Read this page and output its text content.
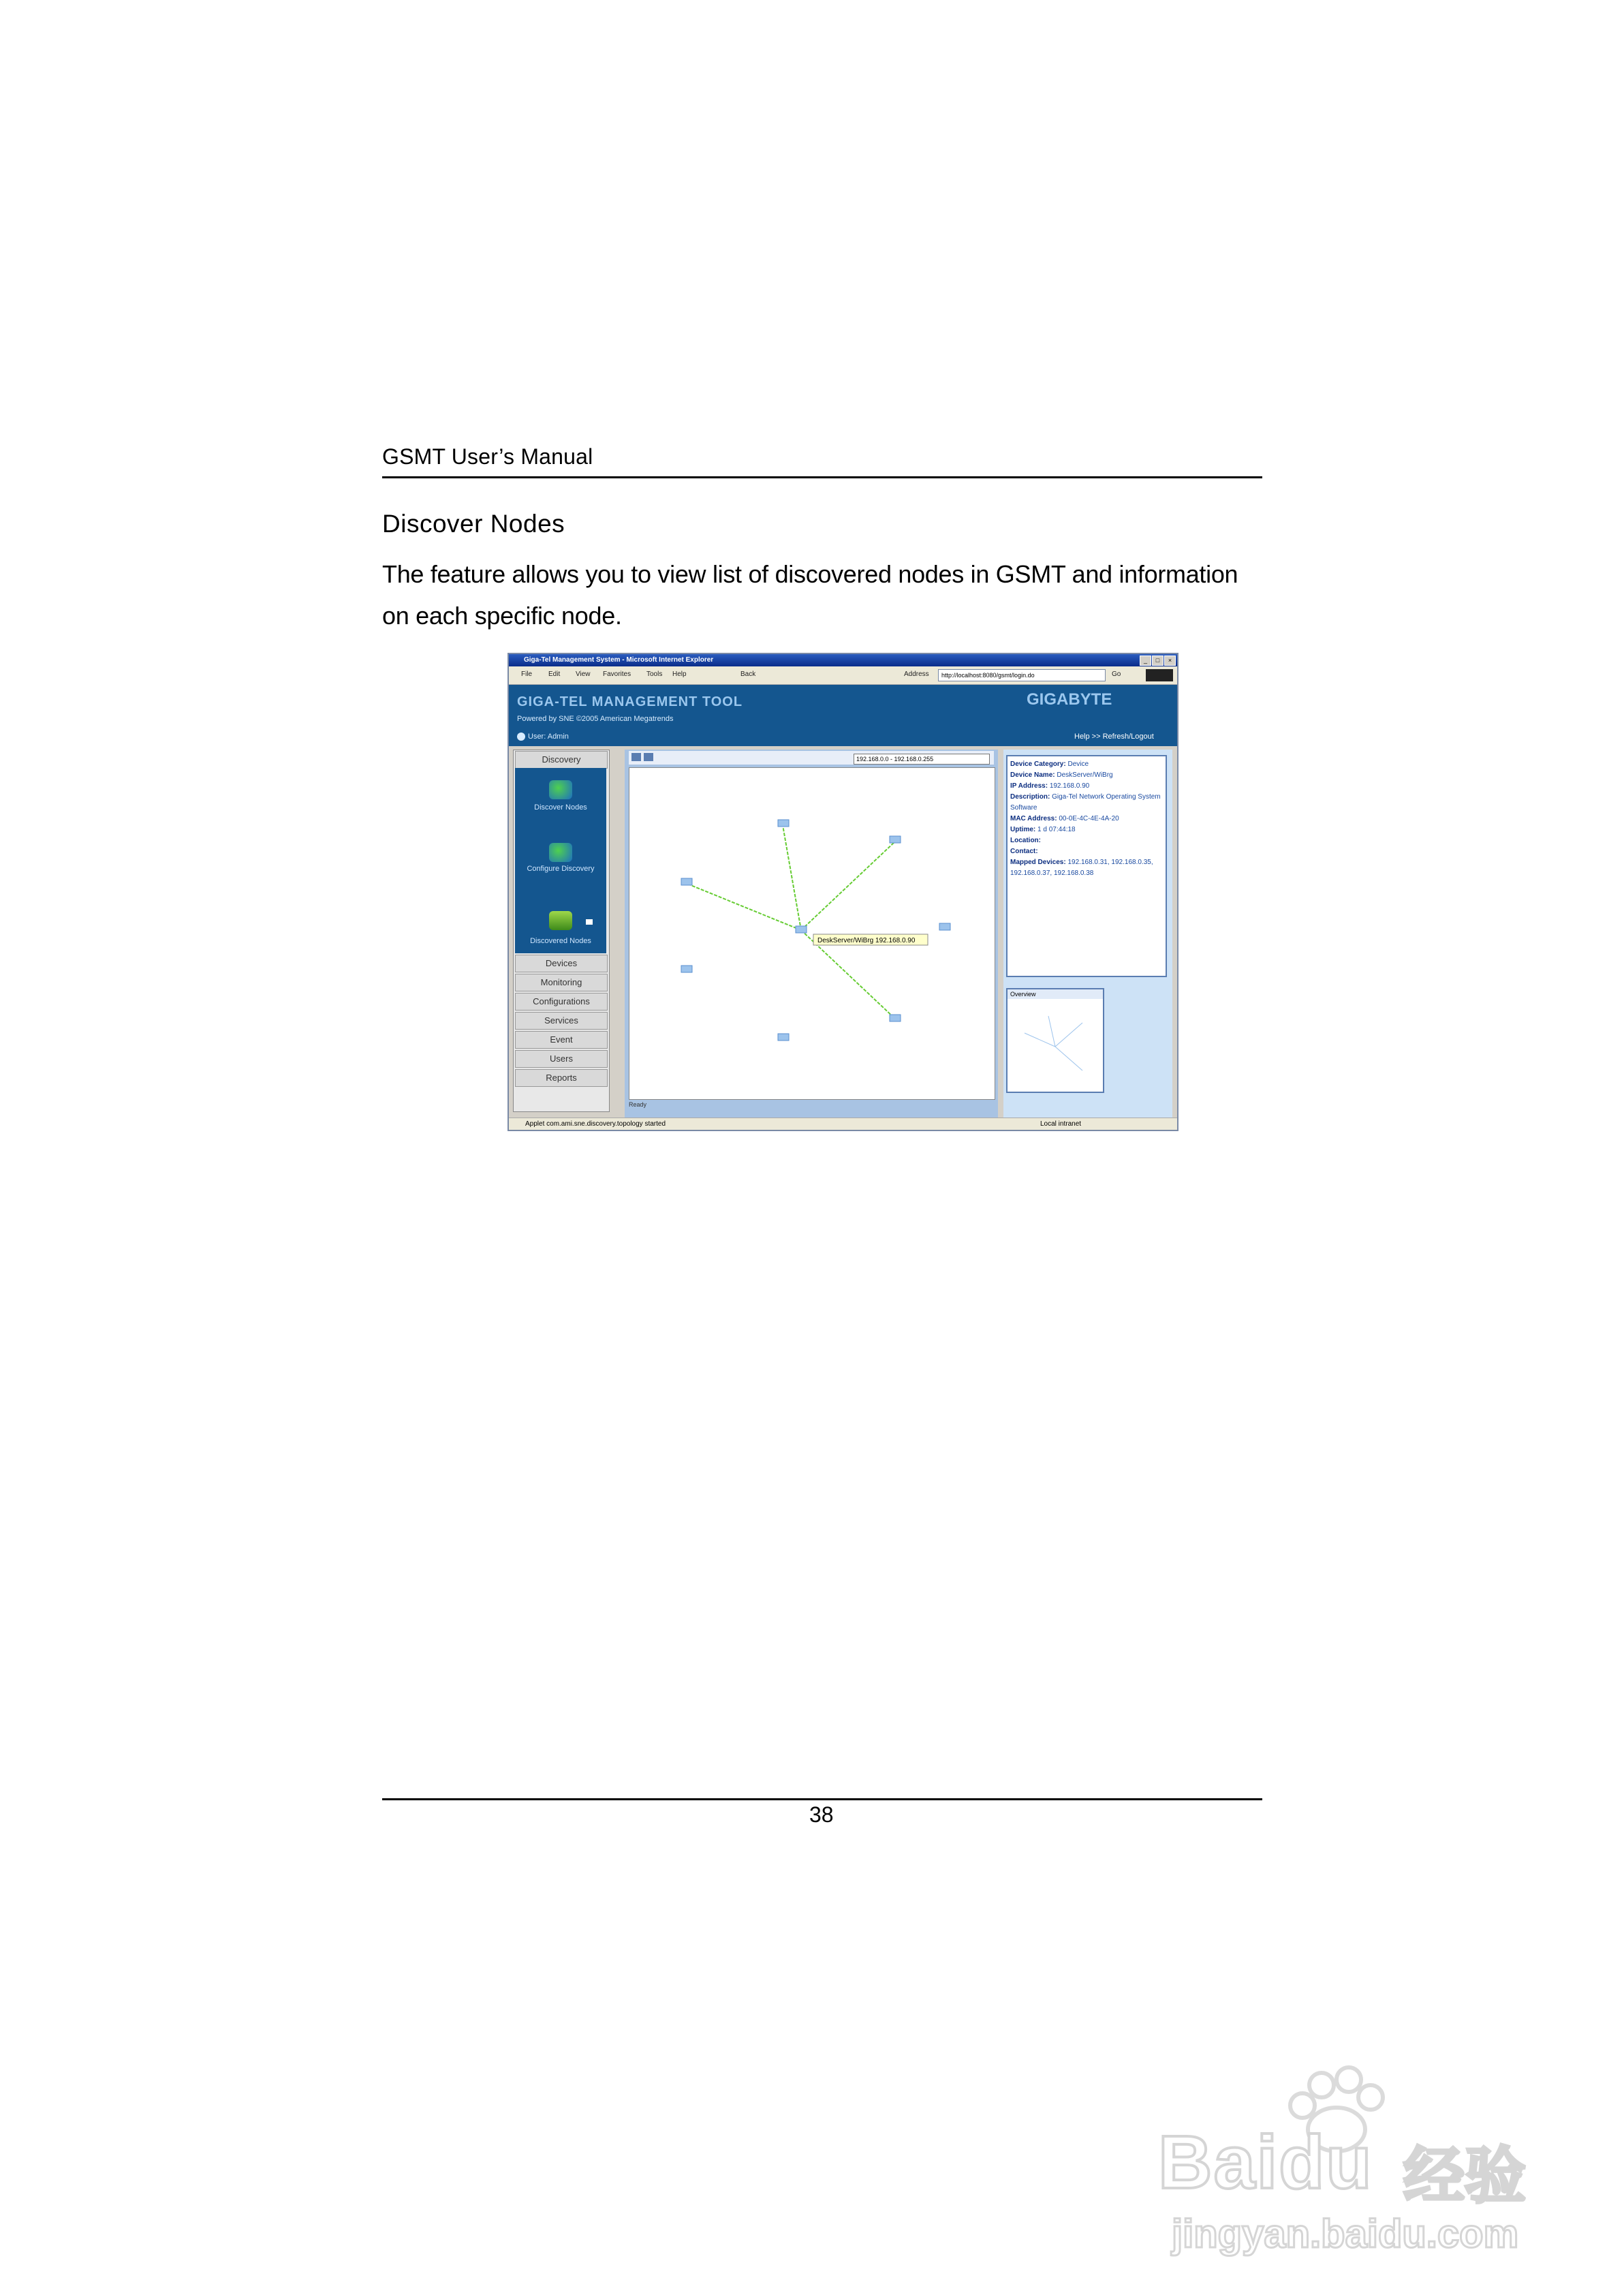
GSMT User’s Manual
Discover Nodes
The feature allows you to view list of discovered nodes in GSMT and information on each specific node.
Giga-Tel Management System - Microsoft Internet Explorer	_	□	×
File Edit View Favorites Tools Help	Back	Address	http://localhost:8080/gsmt/login.do	Go
GIGA-TEL MANAGEMENT TOOL
Powered by SNE ©2005 American Megatrends
User: Admin	Help >> Refresh/Logout
GIGABYTE
Discovery
Discover Nodes
Configure Discovery
Discovered Nodes
Devices
Monitoring
Configurations
Services
Event
Users
Reports
192.168.0.0 - 192.168.0.255
DeskServer/WiBrg 192.168.0.90
Ready
Device Category: Device
Device Name: DeskServer/WiBrg
IP Address: 192.168.0.90
Description: Giga-Tel Network Operating System Software
MAC Address: 00-0E-4C-4E-4A-20
Uptime: 1 d 07:44:18
Location:
Contact:
Mapped Devices: 192.168.0.31, 192.168.0.35, 192.168.0.37, 192.168.0.38
Overview
Applet com.ami.sne.discovery.topology started	Local intranet
38
Baidu 经验
jingyan.baidu.com
